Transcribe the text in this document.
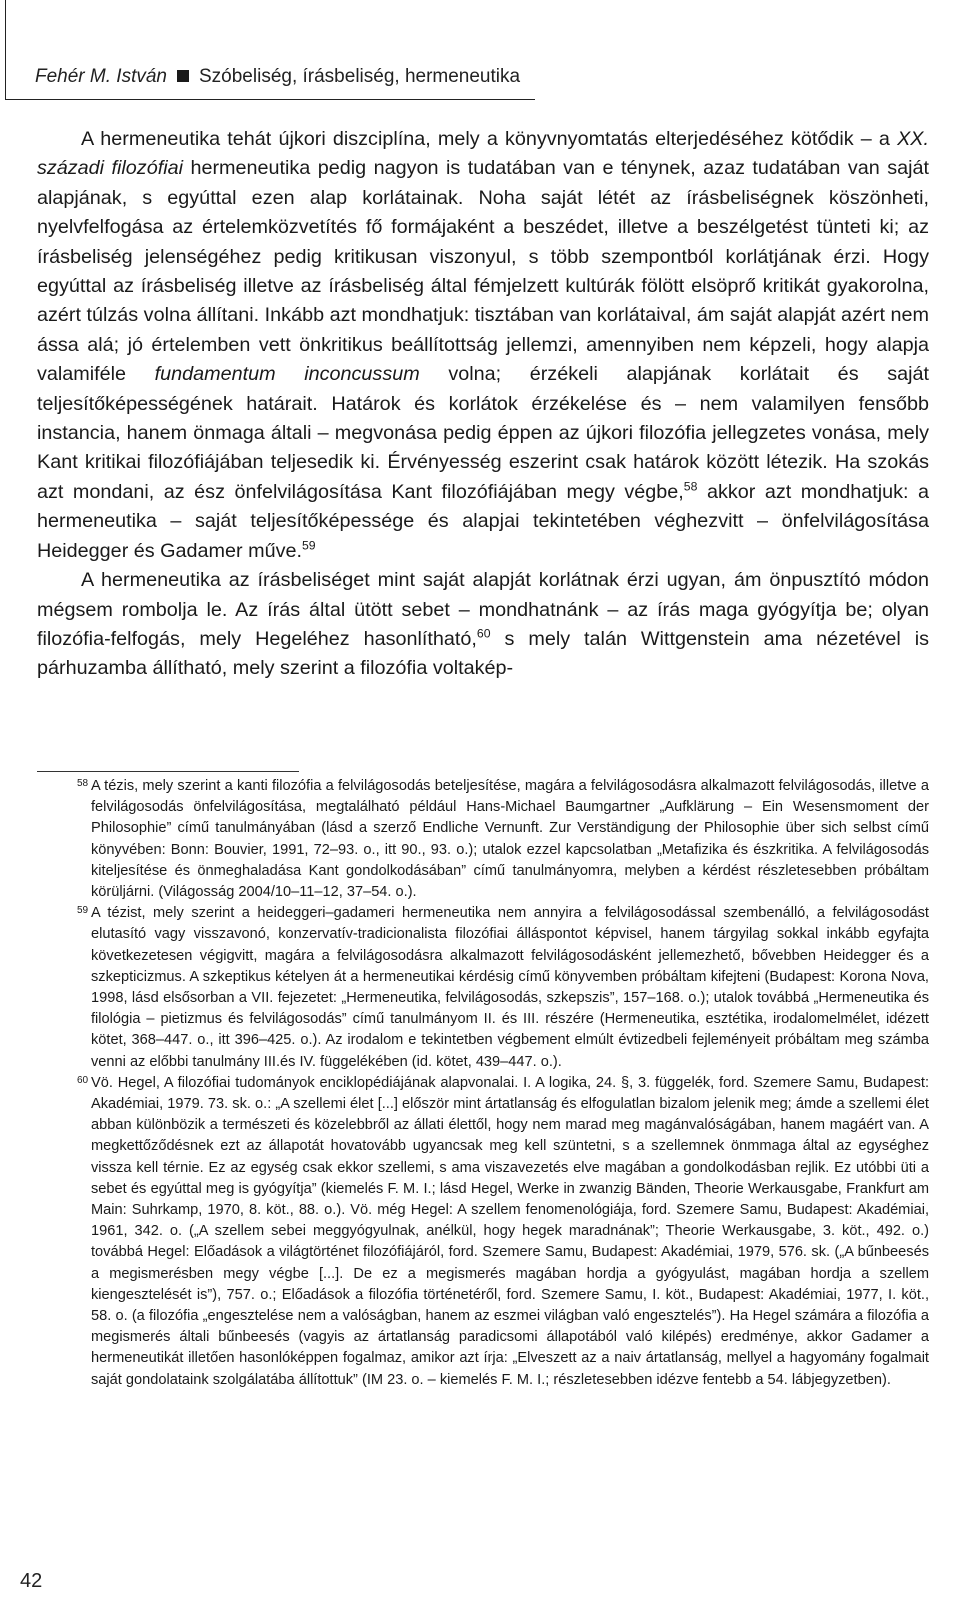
Fehér M. István Szóbeliség, írásbeliség, hermeneutika

A hermeneutika tehát újkori diszciplína, mely a könyvnyomtatás elterjedéséhez kötődik – a XX. századi filozófiai hermeneutika pedig nagyon is tudatában van e ténynek, azaz tudatában van saját alapjának, s egyúttal ezen alap korlátainak. Noha saját létét az írásbeliségnek köszönheti, nyelvfelfogása az értelemközvetítés fő formájaként a beszédet, illetve a beszélgetést tünteti ki; az írásbeliség jelenségéhez pedig kritikusan viszonyul, s több szempontból korlátjának érzi. Hogy egyúttal az írásbeliség illetve az írásbeliség által fémjelzett kultúrák fölött elsöprő kritikát gyakorolna, azért túlzás volna állítani. Inkább azt mondhatjuk: tisztában van korlátaival, ám saját alapját azért nem ássa alá; jó értelemben vett önkritikus beállítottság jellemzi, amennyiben nem képzeli, hogy alapja valamiféle fundamentum inconcussum volna; érzékeli alapjának korlátait és saját teljesítőképességének határait. Határok és korlátok érzékelése és – nem valamilyen fensőbb instancia, hanem önmaga általi – megvonása pedig éppen az újkori filozófia jellegzetes vonása, mely Kant kritikai filozófiájában teljesedik ki. Érvényesség eszerint csak határok között létezik. Ha szokás azt mondani, az ész önfelvilágosítása Kant filozófiájában megy végbe,$^{58}$ akkor azt mondhatjuk: a hermeneutika – saját teljesítőképessége és alapjai tekintetében véghezvitt – önfelvilágosítása Heidegger és Gadamer műve.$^{59}$

A hermeneutika az írásbeliséget mint saját alapját korlátnak érzi ugyan, ám önpusztító módon mégsem rombolja le. Az írás által ütött sebet – mondhatnánk – az írás maga gyógyítja be; olyan filozófia-felfogás, mely Hegeléhez hasonlítható,$^{60}$ s mely talán Wittgenstein ama nézetével is párhuzamba állítható, mely szerint a filozófia voltakép-

58 A tézis, mely szerint a kanti filozófia a felvilágosodás beteljesítése, magára a felvilágosodásra alkalmazott felvilágosodás, illetve a felvilágosodás önfelvilágosítása, megtalálható például Hans-Michael Baumgartner „Aufklärung – Ein Wesensmoment der Philosophie” című tanulmányában (lásd a szerző Endliche Vernunft. Zur Verständigung der Philosophie über sich selbst című könyvében: Bonn: Bouvier, 1991, 72–93. o., itt 90., 93. o.); utalok ezzel kapcsolatban „Metafizika és észkritika. A felvilágosodás kiteljesítése és önmeghaladása Kant gondolkodásában” című tanulmányomra, melyben a kérdést részletesebben próbáltam körüljárni. (Világosság 2004/10–11–12, 37–54. o.).

59 A tézist, mely szerint a heideggeri–gadameri hermeneutika nem annyira a felvilágosodással szembenálló, a felvilágosodást elutasító vagy visszavonó, konzervatív-tradicionalista filozófiai álláspontot képvisel, hanem tárgyilag sokkal inkább egyfajta következetesen végigvitt, magára a felvilágosodásra alkalmazott felvilágosodásként jellemezhető, bővebben Heidegger és a szkepticizmus. A szkeptikus kételyen át a hermeneutikai kérdésig című könyvemben próbáltam kifejteni (Budapest: Korona Nova, 1998, lásd elsősorban a VII. fejezetet: „Hermeneutika, felvilágosodás, szkepszis”, 157–168. o.); utalok továbbá „Hermeneutika és filológia – pietizmus és felvilágosodás” című tanulmányom II. és III. részére (Hermeneutika, esztétika, irodalomelmélet, idézett kötet, 368–447. o., itt 396–425. o.). Az irodalom e tekintetben végbement elmúlt évtizedbeli fejleményeit próbáltam meg számba venni az előbbi tanulmány III.és IV. függelékében (id. kötet, 439–447. o.).

60 Vö. Hegel, A filozófiai tudományok enciklopédiájának alapvonalai. I. A logika, 24. §, 3. függelék, ford. Szemere Samu, Budapest: Akadémiai, 1979. 73. sk. o.: „A szellemi élet [...] először mint ártatlanság és elfogulatlan bizalom jelenik meg; ámde a szellemi élet abban különbözik a természeti és közelebbről az állati élettől, hogy nem marad meg magánvalóságában, hanem magáért van. A megkettőződésnek ezt az állapotát hovatovább ugyancsak meg kell szüntetni, s a szellemnek önmmaga által az egységhez vissza kell térnie. Ez az egység csak ekkor szellemi, s ama viszavezetés elve magában a gondolkodásban rejlik. Ez utóbbi üti a sebet és egyúttal meg is gyógyítja” (kiemelés F. M. I.; lásd Hegel, Werke in zwanzig Bänden, Theorie Werkausgabe, Frankfurt am Main: Suhrkamp, 1970, 8. köt., 88. o.). Vö. még Hegel: A szellem fenomenológiája, ford. Szemere Samu, Budapest: Akadémiai, 1961, 342. o. („A szellem sebei meggyógyulnak, anélkül, hogy hegek maradnának”; Theorie Werkausgabe, 3. köt., 492. o.) továbbá Hegel: Előadások a világtörténet filozófiájáról, ford. Szemere Samu, Budapest: Akadémiai, 1979, 576. sk. („A bűnbeesés a megismerésben megy végbe [...]. De ez a megismerés magában hordja a gyógyulást, magában hordja a szellem kiengesztelését is”), 757. o.; Előadások a filozófia történetéről, ford. Szemere Samu, I. köt., Budapest: Akadémiai, 1977, I. köt., 58. o. (a filozófia „engesztelése nem a valóságban, hanem az eszmei világban való engesztelés”). Ha Hegel számára a filozófia a megismerés általi bűnbeesés (vagyis az ártatlanság paradicsomi állapotából való kilépés) eredménye, akkor Gadamer a hermeneutikát illetően hasonlóképpen fogalmaz, amikor azt írja: „Elveszett az a naiv ártatlanság, mellyel a hagyomány fogalmait saját gondolataink szolgálatába állítottuk” (IM 23. o. – kiemelés F. M. I.; részletesebben idézve fentebb a 54. lábjegyzetben).

42
